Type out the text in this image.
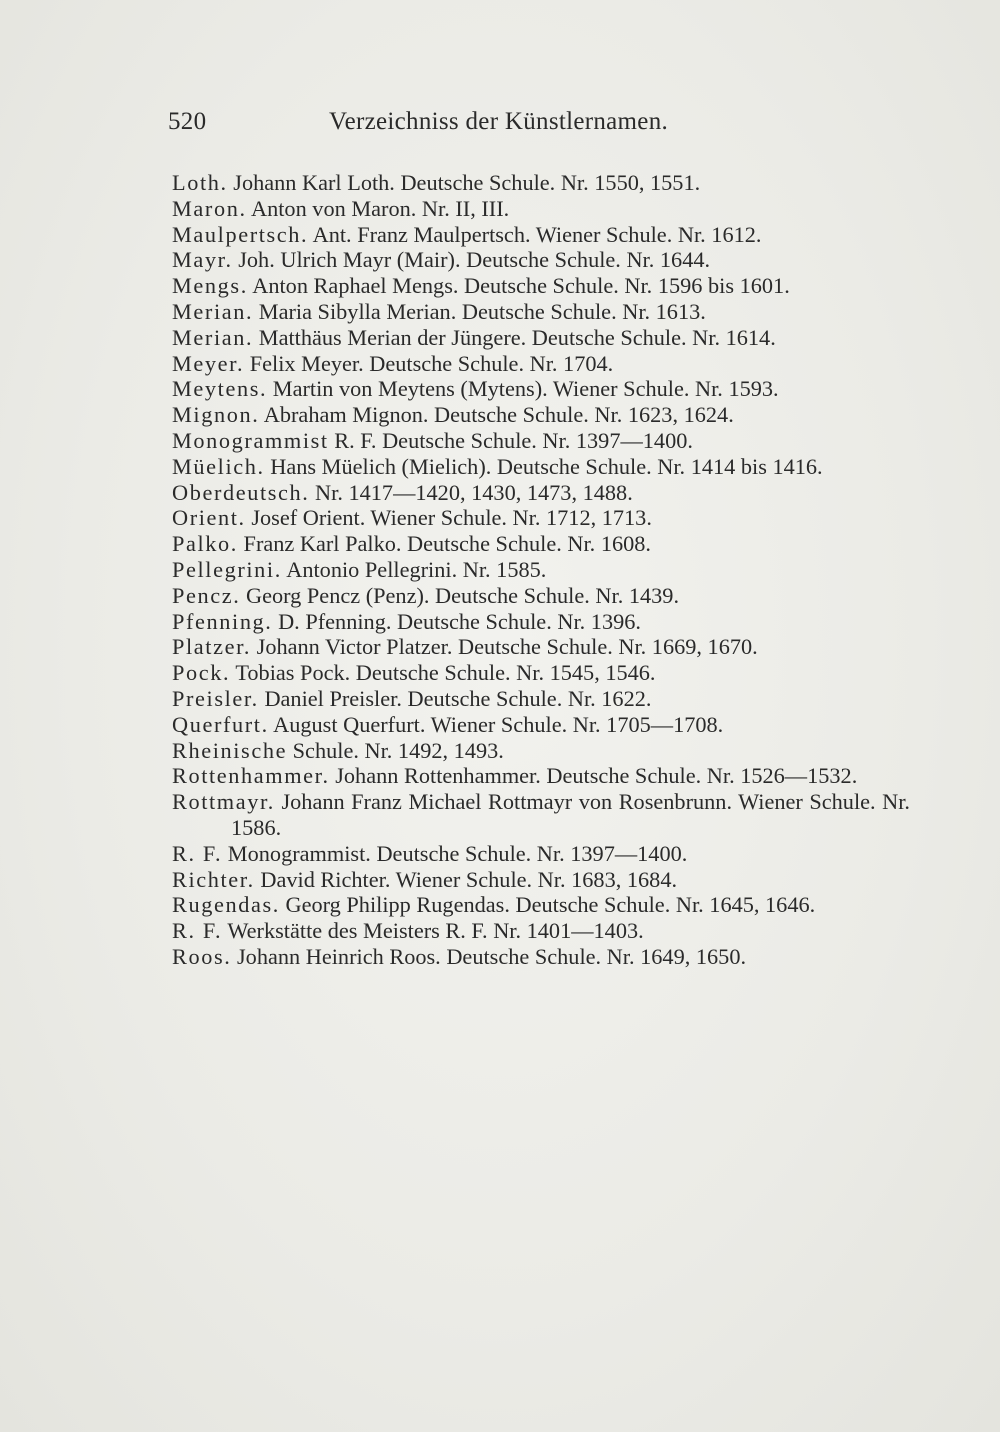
520	Verzeichniss der Künstlernamen.

Loth. Johann Karl Loth. Deutsche Schule. Nr. 1550, 1551.

Maron. Anton von Maron. Nr. II, III.

Maulpertsch. Ant. Franz Maulpertsch. Wiener Schule. Nr. 1612.

Mayr. Joh. Ulrich Mayr (Mair). Deutsche Schule. Nr. 1644.

Mengs. Anton Raphael Mengs. Deutsche Schule. Nr. 1596 bis 1601.

Merian. Maria Sibylla Merian. Deutsche Schule. Nr. 1613.

Merian. Matthäus Merian der Jüngere. Deutsche Schule. Nr. 1614.

Meyer. Felix Meyer. Deutsche Schule. Nr. 1704.

Meytens. Martin von Meytens (Mytens). Wiener Schule. Nr. 1593.

Mignon. Abraham Mignon. Deutsche Schule. Nr. 1623, 1624.

Monogrammist R. F. Deutsche Schule. Nr. 1397—1400.

Müelich. Hans Müelich (Mielich). Deutsche Schule. Nr. 1414 bis 1416.

Oberdeutsch. Nr. 1417—1420, 1430, 1473, 1488.

Orient. Josef Orient. Wiener Schule. Nr. 1712, 1713.

Palko. Franz Karl Palko. Deutsche Schule. Nr. 1608.

Pellegrini. Antonio Pellegrini. Nr. 1585.

Pencz. Georg Pencz (Penz). Deutsche Schule. Nr. 1439.

Pfenning. D. Pfenning. Deutsche Schule. Nr. 1396.

Platzer. Johann Victor Platzer. Deutsche Schule. Nr. 1669, 1670.

Pock. Tobias Pock. Deutsche Schule. Nr. 1545, 1546.

Preisler. Daniel Preisler. Deutsche Schule. Nr. 1622.

Querfurt. August Querfurt. Wiener Schule. Nr. 1705—1708.

Rheinische Schule. Nr. 1492, 1493.

Rottenhammer. Johann Rottenhammer. Deutsche Schule. Nr. 1526—1532.

Rottmayr. Johann Franz Michael Rottmayr von Rosenbrunn. Wiener Schule. Nr. 1586.

R. F. Monogrammist. Deutsche Schule. Nr. 1397—1400.

Richter. David Richter. Wiener Schule. Nr. 1683, 1684.

Rugendas. Georg Philipp Rugendas. Deutsche Schule. Nr. 1645, 1646.

R. F. Werkstätte des Meisters R. F. Nr. 1401—1403.

Roos. Johann Heinrich Roos. Deutsche Schule. Nr. 1649, 1650.
